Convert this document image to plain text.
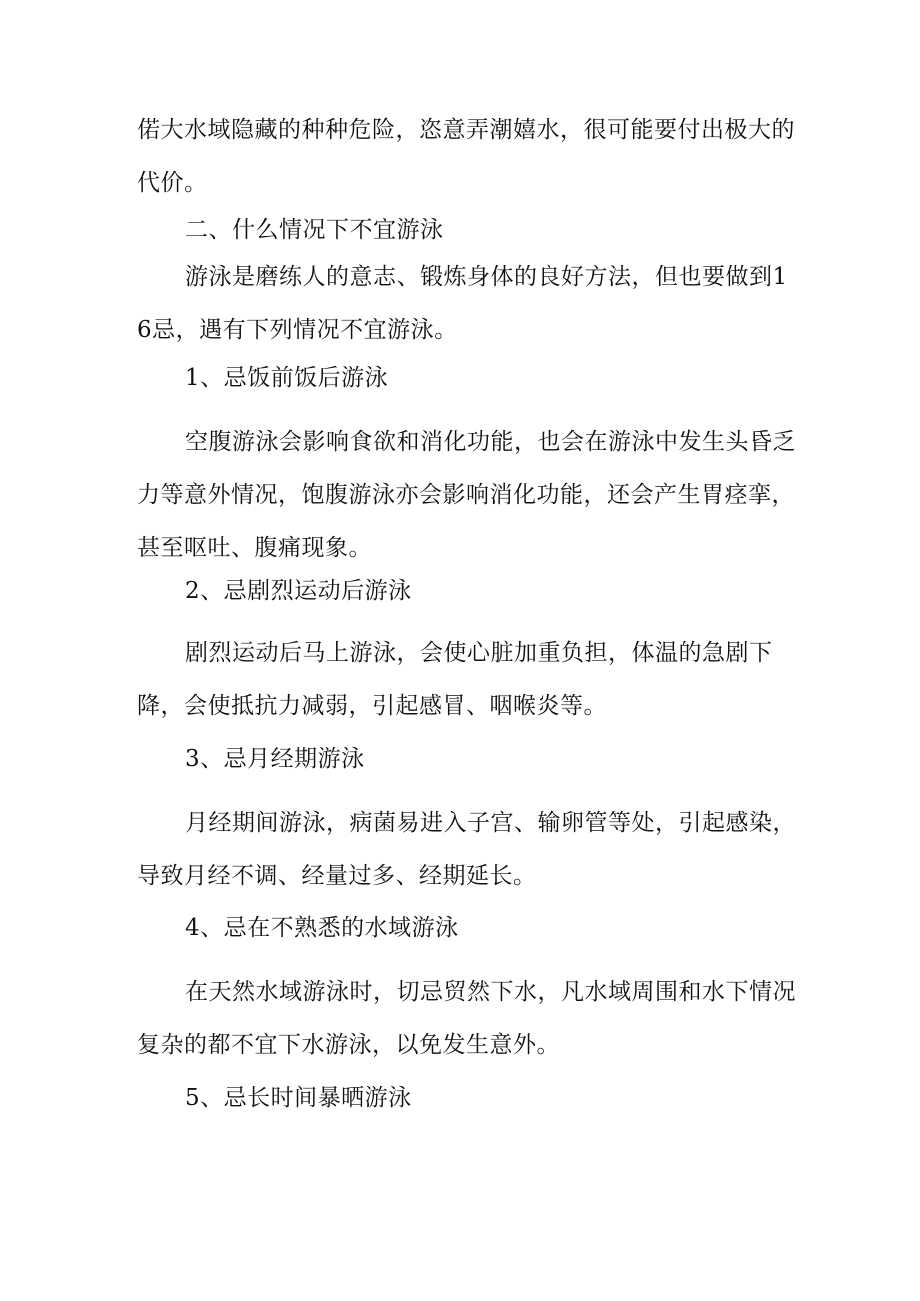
偌大水域隐藏的种种危险，恣意弄潮嬉水，很可能要付出极大的代价。

二、什么情况下不宜游泳

游泳是磨练人的意志、锻炼身体的良好方法，但也要做到16忌，遇有下列情况不宜游泳。

1、忌饭前饭后游泳

空腹游泳会影响食欲和消化功能，也会在游泳中发生头昏乏力等意外情况，饱腹游泳亦会影响消化功能，还会产生胃痉挛，甚至呕吐、腹痛现象。

2、忌剧烈运动后游泳

剧烈运动后马上游泳，会使心脏加重负担，体温的急剧下降，会使抵抗力减弱，引起感冒、咽喉炎等。

3、忌月经期游泳

月经期间游泳，病菌易进入子宫、输卵管等处，引起感染，导致月经不调、经量过多、经期延长。

4、忌在不熟悉的水域游泳

在天然水域游泳时，切忌贸然下水，凡水域周围和水下情况复杂的都不宜下水游泳，以免发生意外。

5、忌长时间暴晒游泳
